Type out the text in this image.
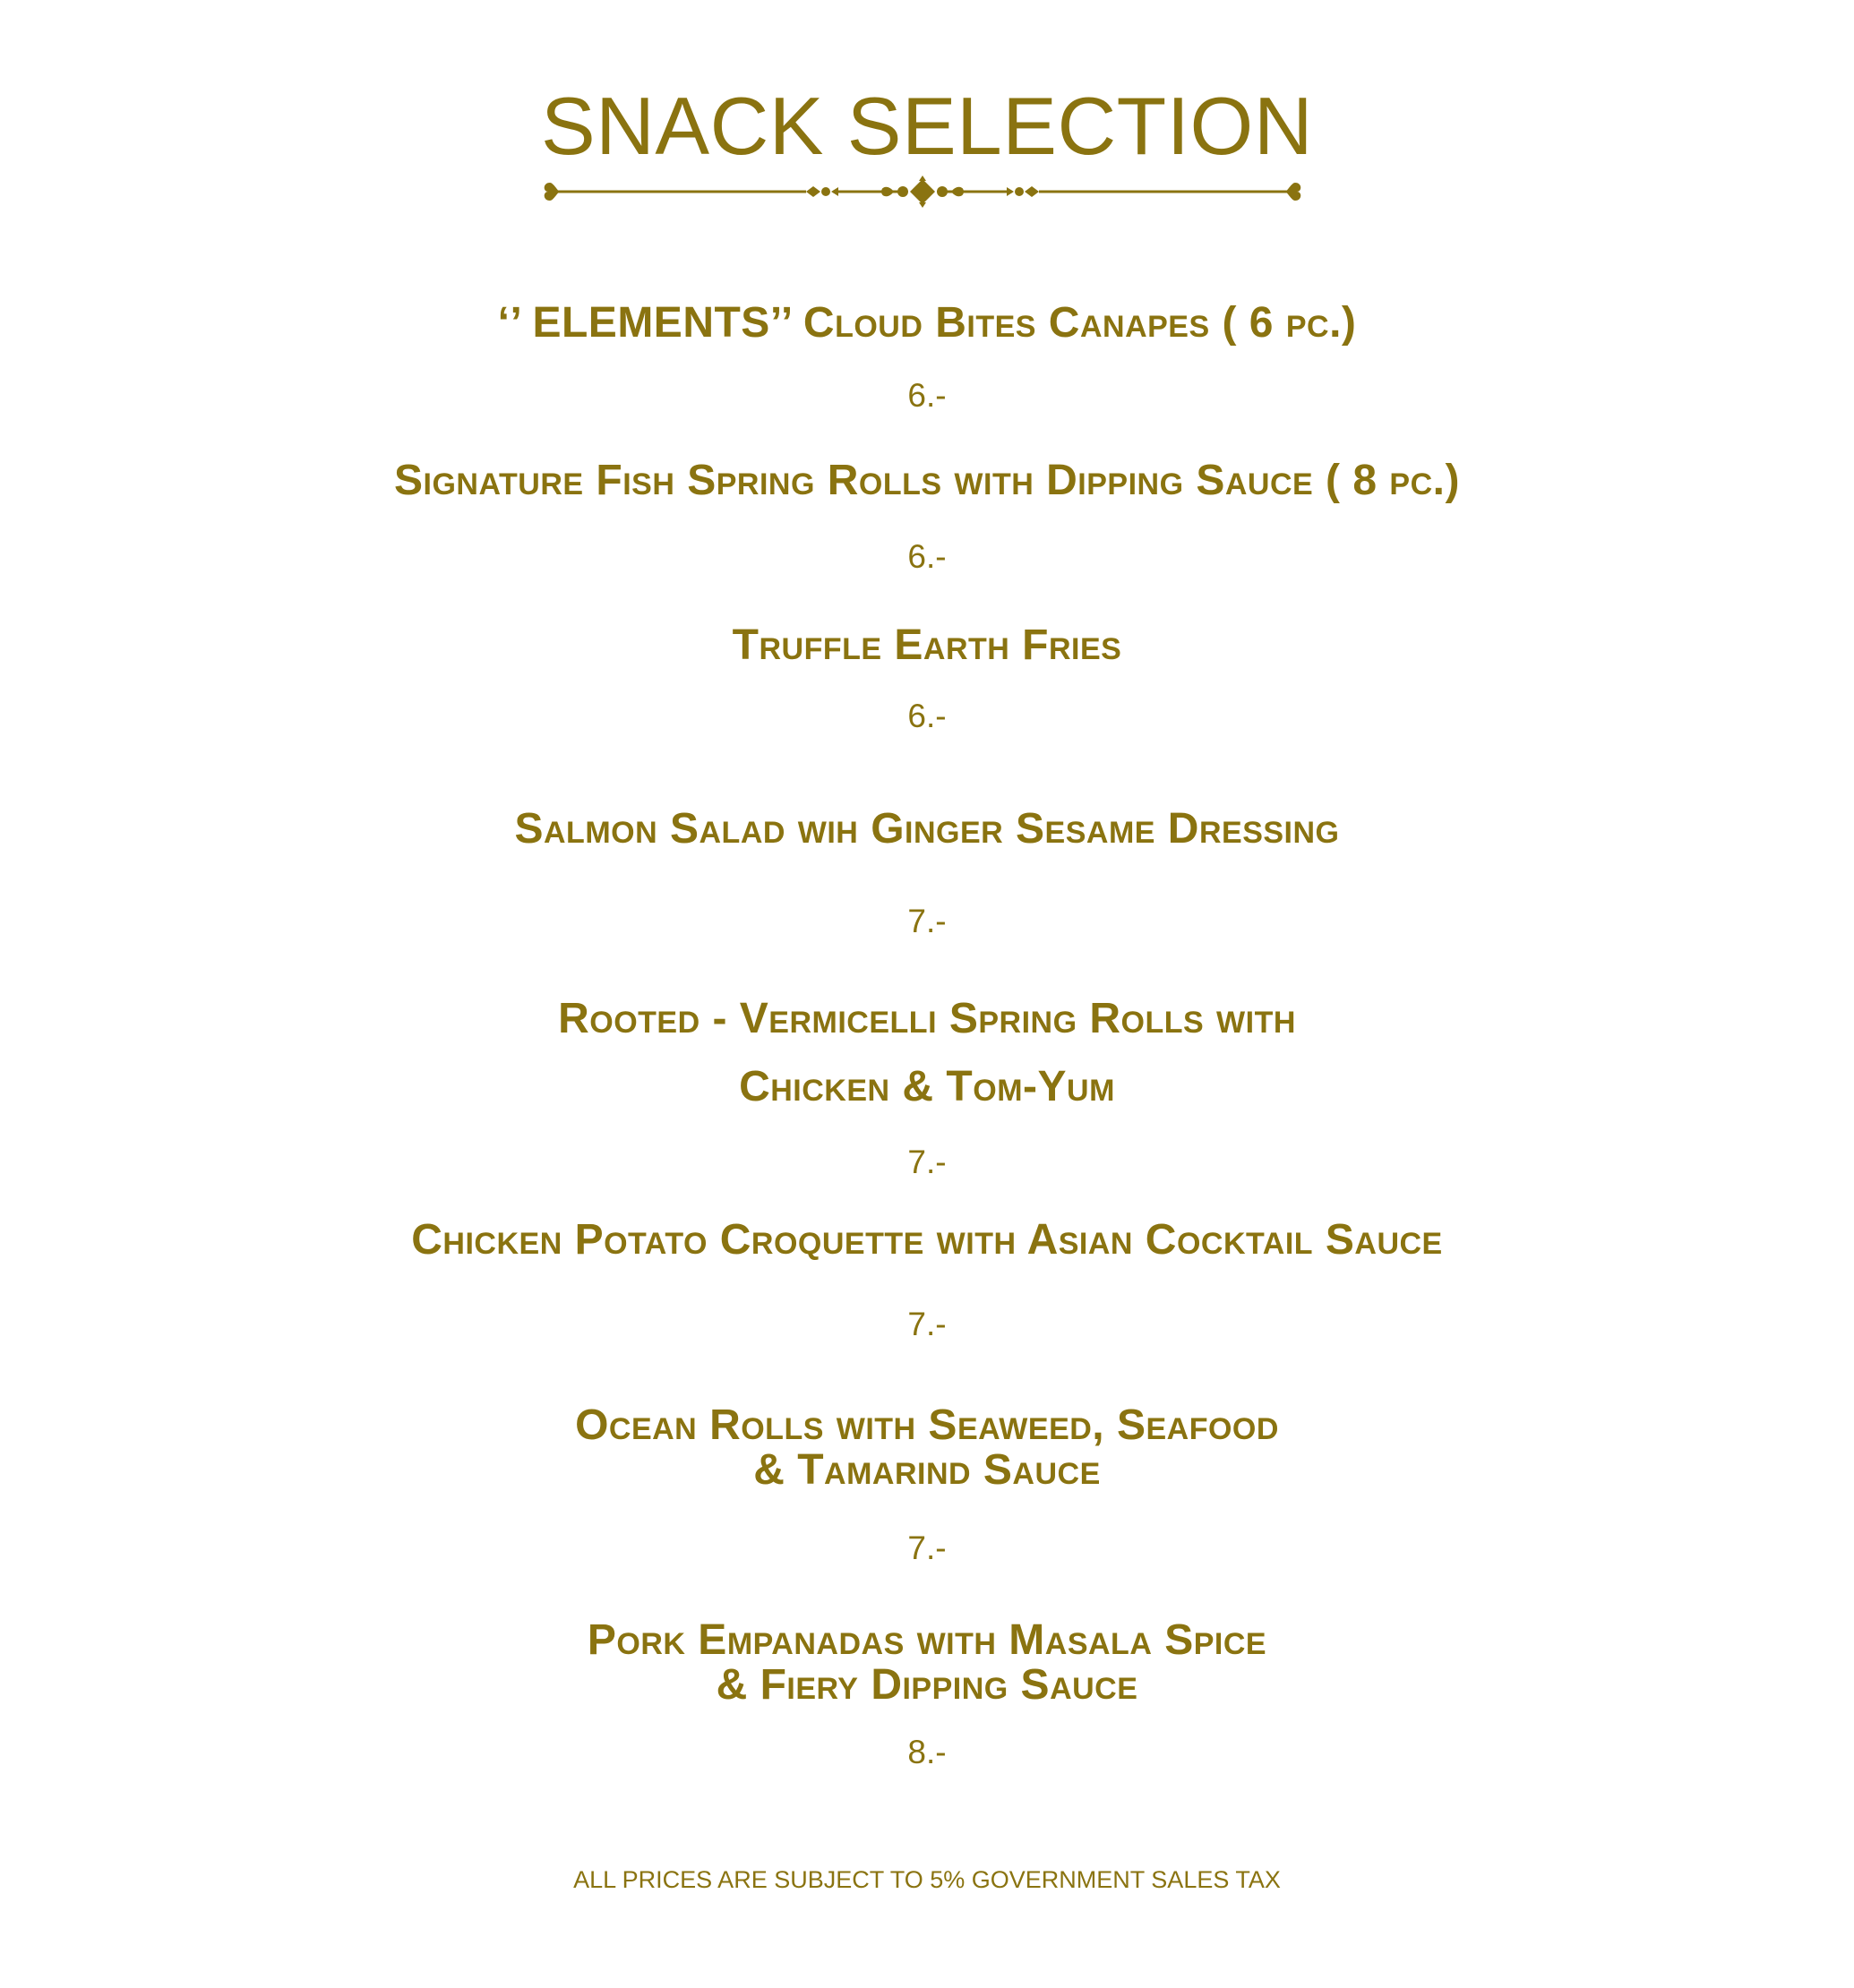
SNACK SELECTION
‘’ ELEMENTS’’ Cloud Bites Canapes ( 6 pc.)

6.-

Signature Fish Spring Rolls with Dipping Sauce ( 8 pc.)

6.-

Truffle Earth Fries

6.-

Salmon Salad wih Ginger Sesame Dressing

7.-

Rooted - Vermicelli Spring Rolls with
Chicken & Tom-Yum

7.-

Chicken Potato Croquette with Asian Cocktail Sauce

7.-

Ocean Rolls with Seaweed, Seafood
& Tamarind Sauce

7.-

Pork Empanadas with Masala Spice
& Fiery Dipping Sauce

8.-

ALL PRICES ARE SUBJECT TO 5% GOVERNMENT SALES TAX
